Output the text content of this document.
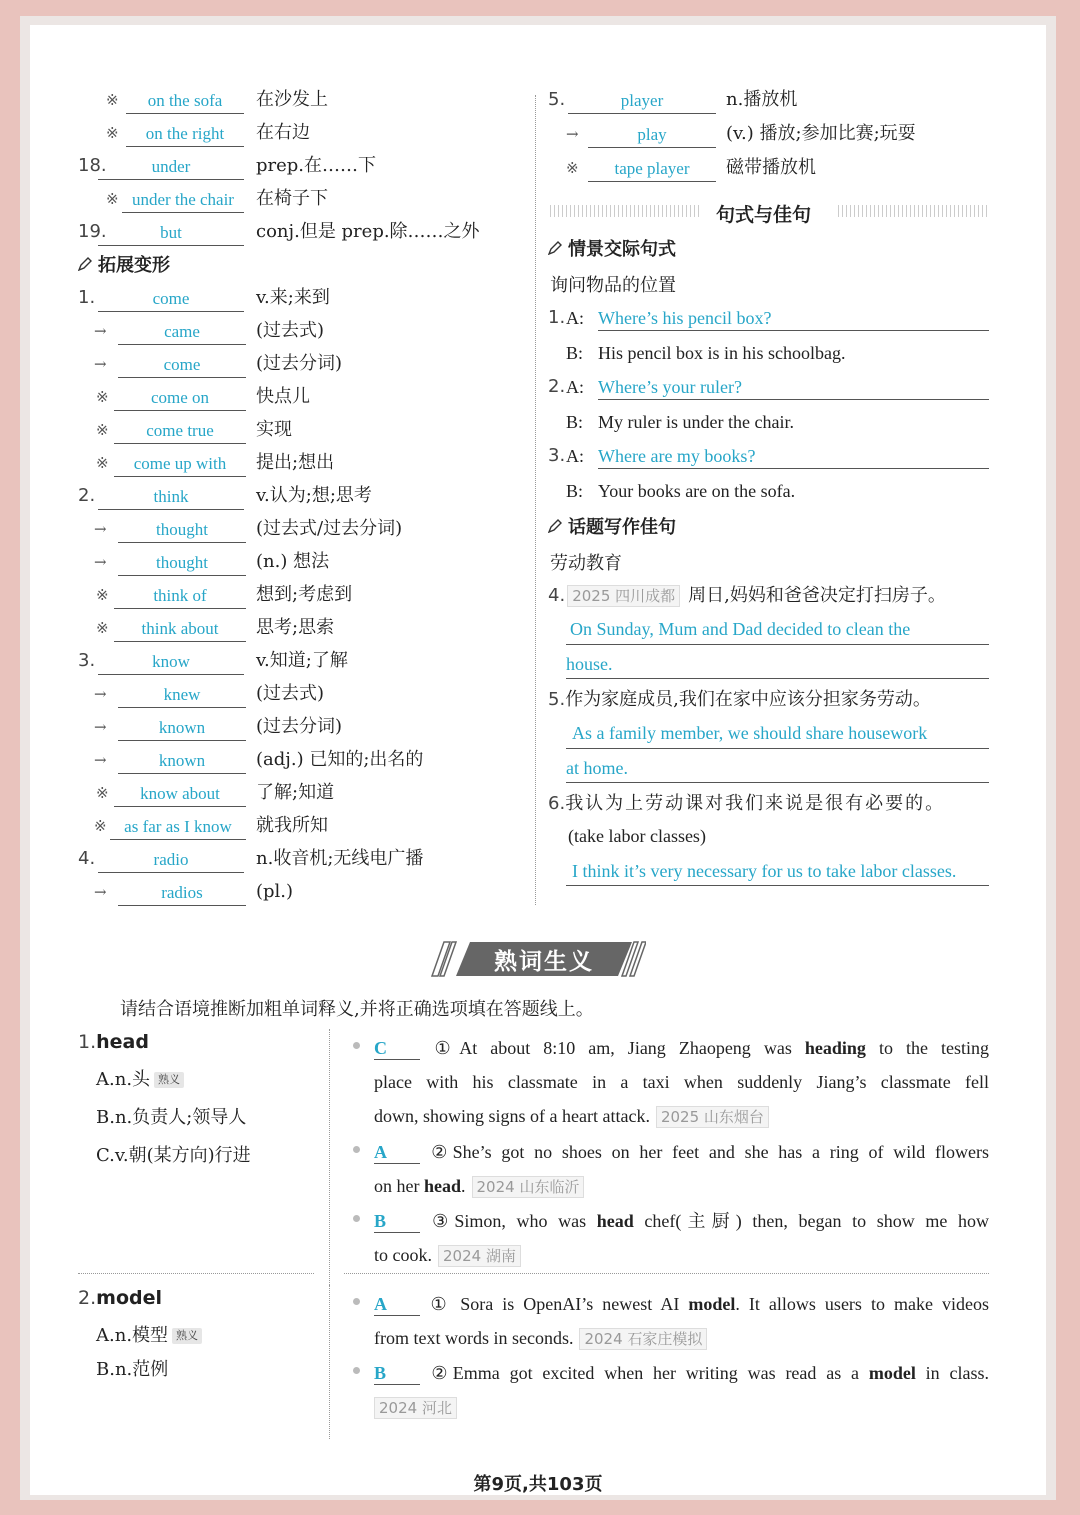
※	on the sofa	在沙发上
※	on the right	在右边
18.	under	prep.在……下
※ under the chair	在椅子下
19.	but	conj.但是 prep.除……之外
拓展变形
1.	come	v.来;来到
→	came	(过去式)
→	come	(过去分词)
※	come on	快点儿
※	come true	实现
※	come up with	提出;想出
2.	think	v.认为;想;思考
→	thought	(过去式/过去分词)
→	thought	(n.) 想法
※	think of	想到;考虑到
※	think about	思考;思索
3.	know	v.知道;了解
→	knew	(过去式)
→	known	(过去分词)
→	known	(adj.) 已知的;出名的
※	know about	了解;知道
※	as far as I know	就我所知
4.	radio	n.收音机;无线电广播
→	radios	(pl.)
5.	player	n.播放机
→	play	(v.) 播放;参加比赛;玩耍
※	tape player	磁带播放机
句式与佳句
情景交际句式
询问物品的位置
1. A: Where’s his pencil box?
B: His pencil box is in his schoolbag.
2. A: Where’s your ruler?
B: My ruler is under the chair.
3. A: Where are my books?
B: Your books are on the sofa.
话题写作佳句
劳动教育
4. 2025 四川成都 周日,妈妈和爸爸决定打扫房子。
On Sunday, Mum and Dad decided to clean the
house.
5.作为家庭成员,我们在家中应该分担家务劳动。
As a family member, we should share housework
at home.
6.我认为上劳动课对我们来说是很有必要的。
(take labor classes)
I think it’s very necessary for us to take labor classes.
熟词生义
请结合语境推断加粗单词释义,并将正确选项填在答题线上。
1.head
A.n.头 熟义
B.n.负责人;领导人
C.v.朝(某方向)行进
C ①At about 8:10 am, Jiang Zhaopeng was heading to the testing
place with his classmate in a taxi when suddenly Jiang’s classmate fell
down, showing signs of a heart attack. 2025 山东烟台
A ②She’s got no shoes on her feet and she has a ring of wild flowers
on her head. 2024 山东临沂
B ③Simon, who was head chef(主厨) then, began to show me how
to cook. 2024 湖南
2.model
A.n.模型 熟义
B.n.范例
A ① Sora is OpenAI’s newest AI model. It allows users to make videos
from text words in seconds. 2024 石家庄模拟
B ②Emma got excited when her writing was read as a model in class.
2024 河北
第9页,共103页
